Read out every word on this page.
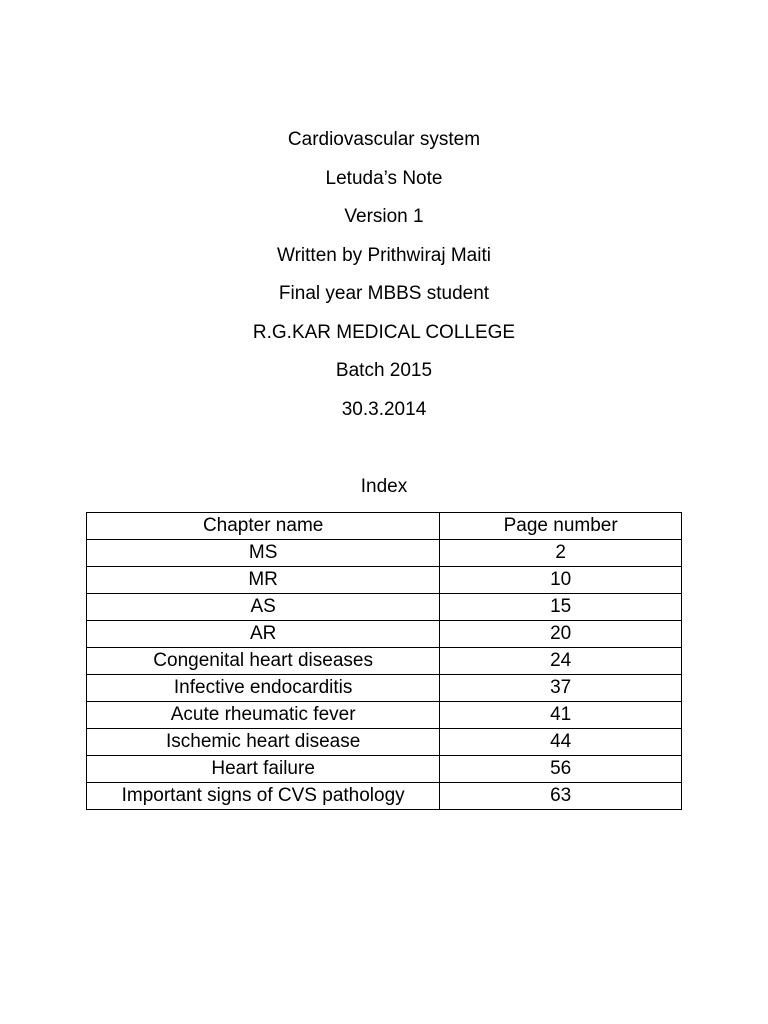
Cardiovascular system
Letuda’s Note
Version 1
Written by Prithwiraj Maiti
Final year MBBS student
R.G.KAR MEDICAL COLLEGE
Batch 2015
30.3.2014
Index
Chapter name	Page number
MS	2
MR	10
AS	15
AR	20
Congenital heart diseases	24
Infective endocarditis	37
Acute rheumatic fever	41
Ischemic heart disease	44
Heart failure	56
Important signs of CVS pathology	63
